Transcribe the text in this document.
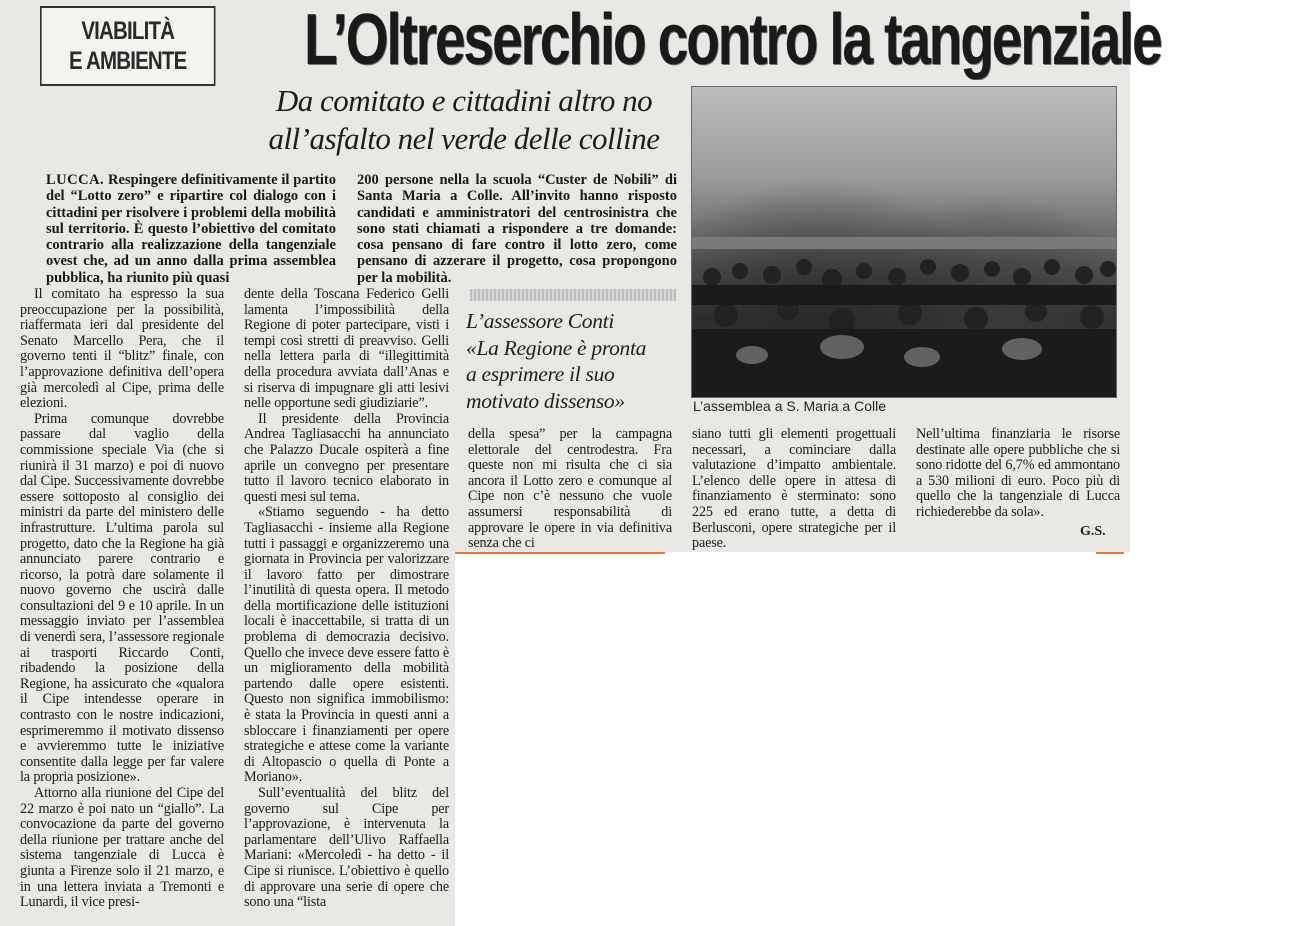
VIABILITÀ
E AMBIENTE	L’Oltreserchio contro la tangenziale
Da comitato e cittadini altro no
all’asfalto nel verde delle colline
LUCCA. Respingere definitivamente il partito del “Lotto zero” e ripartire col dialogo con i cittadini per risolvere i problemi della mobilità sul territorio. È questo l’obiettivo del comitato contrario alla realizzazione della tangenziale ovest che, ad un anno dalla prima assemblea pubblica, ha riunito più quasi
200 persone nella la scuola “Custer de Nobili” di Santa Maria a Colle. All’invito hanno risposto candidati e amministratori del centrosinistra che sono stati chiamati a rispondere a tre domande: cosa pensano di fare contro il lotto zero, come pensano di azzerare il progetto, cosa propongono per la mobilità.
L’assemblea a S. Maria a Colle
L’assessore Conti
«La Regione è pronta
a esprimere il suo
motivato dissenso»

Il comitato ha espresso la sua preoccupazione per la possibilità, riaffermata ieri dal presidente del Senato Marcello Pera, che il governo tenti il “blitz” finale, con l’approvazione definitiva dell’opera già mercoledì al Cipe, prima delle elezioni.

Prima comunque dovrebbe passare dal vaglio della commissione speciale Via (che si riunirà il 31 marzo) e poi di nuovo dal Cipe. Successivamente dovrebbe essere sottoposto al consiglio dei ministri da parte del ministero delle infrastrutture. L’ultima parola sul progetto, dato che la Regione ha già annunciato parere contrario e ricorso, la potrà dare solamente il nuovo governo che uscirà dalle consultazioni del 9 e 10 aprile. In un messaggio inviato per l’assemblea di venerdì sera, l’assessore regionale ai trasporti Riccardo Conti, ribadendo la posizione della Regione, ha assicurato che «qualora il Cipe intendesse operare in contrasto con le nostre indicazioni, esprimeremmo il motivato dissenso e avvieremmo tutte le iniziative consentite dalla legge per far valere la propria posizione».

Attorno alla riunione del Cipe del 22 marzo è poi nato un “giallo”. La convocazione da parte del governo della riunione per trattare anche del sistema tangenziale di Lucca è giunta a Firenze solo il 21 marzo, e in una lettera inviata a Tremonti e Lunardi, il vice presi-

dente della Toscana Federico Gelli lamenta l’impossibilità della Regione di poter partecipare, visti i tempi così stretti di preavviso. Gelli nella lettera parla di “illegittimità della procedura avviata dall’Anas e si riserva di impugnare gli atti lesivi nelle opportune sedi giudiziarie”.

Il presidente della Provincia Andrea Tagliasacchi ha annunciato che Palazzo Ducale ospiterà a fine aprile un convegno per presentare tutto il lavoro tecnico elaborato in questi mesi sul tema.

«Stiamo seguendo - ha detto Tagliasacchi - insieme alla Regione tutti i passaggi e organizzeremo una giornata in Provincia per valorizzare il lavoro fatto per dimostrare l’inutilità di questa opera. Il metodo della mortificazione delle istituzioni locali è inaccettabile, si tratta di un problema di democrazia decisivo. Quello che invece deve essere fatto è un miglioramento della mobilità partendo dalle opere esistenti. Questo non significa immobilismo: è stata la Provincia in questi anni a sbloccare i finanziamenti per opere strategiche e attese come la variante di Altopascio o quella di Ponte a Moriano».

Sull’eventualità del blitz del governo sul Cipe per l’approvazione, è intervenuta la parlamentare dell’Ulivo Raffaella Mariani: «Mercoledì - ha detto - il Cipe si riunisce. L’obiettivo è quello di approvare una serie di opere che sono una “lista

della spesa” per la campagna elettorale del centrodestra. Fra queste non mi risulta che ci sia ancora il Lotto zero e comunque al Cipe non c’è nessuno che vuole assumersi responsabilità di approvare le opere in via definitiva senza che ci

siano tutti gli elementi progettuali necessari, a cominciare dalla valutazione d’impatto ambientale. L’elenco delle opere in attesa di finanziamento è sterminato: sono 225 ed erano tutte, a detta di Berlusconi, opere strategiche per il paese.

Nell’ultima finanziaria le risorse destinate alle opere pubbliche che si sono ridotte del 6,7% ed ammontano a 530 milioni di euro. Poco più di quello che la tangenziale di Lucca richiederebbe da sola».

G.S.
